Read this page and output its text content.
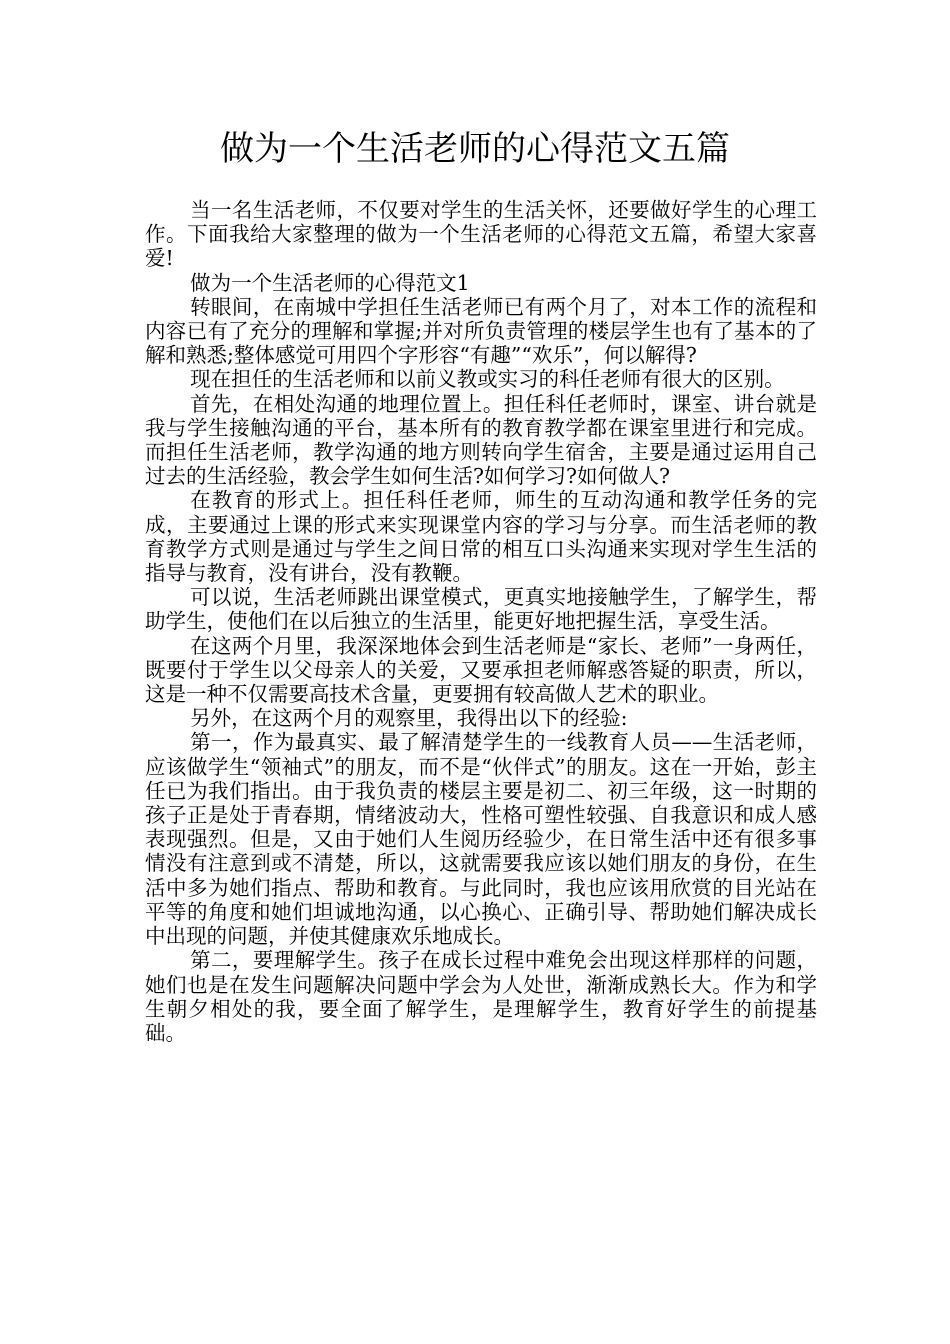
做为一个生活老师的心得范文五篇

当一名生活老师，不仅要对学生的生活关怀，还要做好学生的心理工作。下面我给大家整理的做为一个生活老师的心得范文五篇，希望大家喜爱!

做为一个生活老师的心得范文1

转眼间，在南城中学担任生活老师已有两个月了，对本工作的流程和内容已有了充分的理解和掌握;并对所负责管理的楼层学生也有了基本的了解和熟悉;整体感觉可用四个字形容“有趣”“欢乐”，何以解得?

现在担任的生活老师和以前义教或实习的科任老师有很大的区别。

首先，在相处沟通的地理位置上。担任科任老师时，课室、讲台就是我与学生接触沟通的平台，基本所有的教育教学都在课室里进行和完成。而担任生活老师，教学沟通的地方则转向学生宿舍，主要是通过运用自己过去的生活经验，教会学生如何生活?如何学习?如何做人?

在教育的形式上。担任科任老师，师生的互动沟通和教学任务的完成，主要通过上课的形式来实现课堂内容的学习与分享。而生活老师的教育教学方式则是通过与学生之间日常的相互口头沟通来实现对学生生活的指导与教育，没有讲台，没有教鞭。

可以说，生活老师跳出课堂模式，更真实地接触学生，了解学生，帮助学生，使他们在以后独立的生活里，能更好地把握生活，享受生活。

在这两个月里，我深深地体会到生活老师是“家长、老师”一身两任，既要付于学生以父母亲人的关爱，又要承担老师解惑答疑的职责，所以，这是一种不仅需要高技术含量，更要拥有较高做人艺术的职业。

另外，在这两个月的观察里，我得出以下的经验:

第一，作为最真实、最了解清楚学生的一线教育人员——生活老师，应该做学生“领袖式”的朋友，而不是“伙伴式”的朋友。这在一开始，彭主任已为我们指出。由于我负责的楼层主要是初二、初三年级，这一时期的孩子正是处于青春期，情绪波动大，性格可塑性较强、自我意识和成人感表现强烈。但是，又由于她们人生阅历经验少，在日常生活中还有很多事情没有注意到或不清楚，所以，这就需要我应该以她们朋友的身份，在生活中多为她们指点、帮助和教育。与此同时，我也应该用欣赏的目光站在平等的角度和她们坦诚地沟通，以心换心、正确引导、帮助她们解决成长中出现的问题，并使其健康欢乐地成长。

第二，要理解学生。孩子在成长过程中难免会出现这样那样的问题，她们也是在发生问题解决问题中学会为人处世，渐渐成熟长大。作为和学生朝夕相处的我，要全面了解学生，是理解学生，教育好学生的前提基础。
